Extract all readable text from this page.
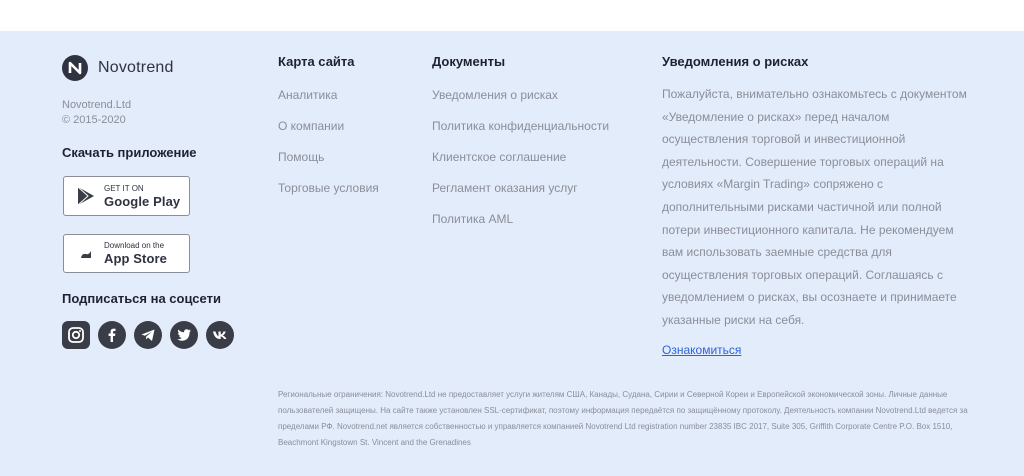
Novotrend
Novotrend.Ltd
© 2015-2020
Скачать приложение
GET IT ON
Google Play
Download on the
App Store
Подписаться на соцсети
Карта сайта
Аналитика
О компании
Помощь
Торговые условия
Документы
Уведомления о рисках
Политика конфиденциальности
Клиентское соглашение
Регламент оказания услуг
Политика AML
Уведомления о рисках

Пожалуйста, внимательно ознакомьтесь с документом «Уведомление о рисках» перед началом осуществления торговой и инвестиционной деятельности. Совершение торговых операций на условиях «Margin Trading» сопряжено с дополнительными рисками частичной или полной потери инвестиционного капитала. Не рекомендуем вам использовать заемные средства для осуществления торговых операций. Соглашаясь с уведомлением о рисках, вы осознаете и принимаете указанные риски на себя.

Ознакомиться

Региональные ограничения: Novotrend.Ltd не предоставляет услуги жителям США, Канады, Судана, Сирии и Северной Кореи и Европейской экономической зоны. Личные данные пользователей защищены. На сайте также установлен SSL-сертификат, поэтому информация передаётся по защищённому протоколу. Деятельность компании Novotrend.Ltd ведется за пределами РФ. Novotrend.net является собственностью и управляется компанией Novotrend Ltd registration number 23835 IBC 2017, Suite 305, Griffith Corporate Centre P.O. Box 1510, Beachmont Kingstown St. Vincent and the Grenadines
